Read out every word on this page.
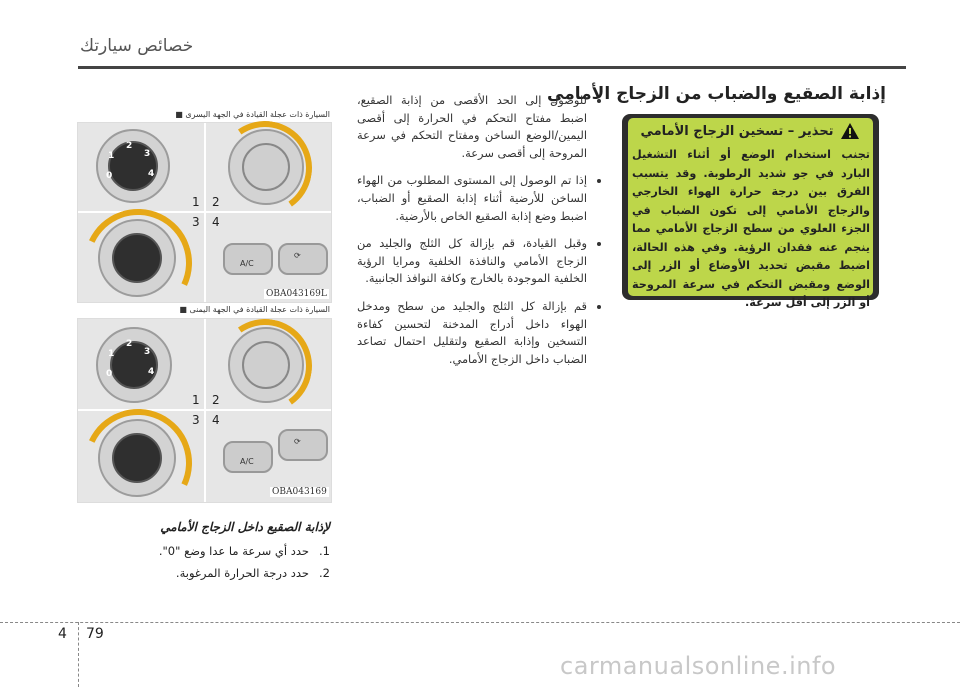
خصائص سيارتك
إذابة الصقيع والضباب من الزجاج الأمامي
تحذير – تسخين الزجاج الأمامي
تجنب استخدام الوضع أو أثناء التشغيل البارد في جو شديد الرطوبة. وقد يتسبب الفرق بين درجة حرارة الهواء الخارجي والزجاج الأمامي إلى تكون الضباب في الجزء العلوي من سطح الزجاج الأمامي مما ينجم عنه فقدان الرؤية. وفي هذه الحالة، اضبط مقبض تحديد الأوضاع أو الزر إلى الوضع ومقبض التحكم في سرعة المروحة أو الزر إلى أقل سرعة.
• للوصول إلى الحد الأقصى من إذابة الصقيع، اضبط مفتاح التحكم في الحرارة إلى أقصى اليمين/الوضع الساخن ومفتاح التحكم في سرعة المروحة إلى أقصى سرعة.
• إذا تم الوصول إلى المستوى المطلوب من الهواء الساخن للأرضية أثناء إذابة الصقيع أو الضباب، اضبط وضع إذابة الصقيع الخاص بالأرضية.
• وقبل القيادة، قم بإزالة كل الثلج والجليد من الزجاج الأمامي والنافذة الخلفية ومرايا الرؤية الخلفية الموجودة بالخارج وكافة النوافذ الجانبية.
• قم بإزالة كل الثلج والجليد من سطح ومدخل الهواء داخل أدراج المدخنة لتحسين كفاءة التسخين وإذابة الصقيع ولتقليل احتمال تصاعد الضباب داخل الزجاج الأمامي.
السيارة ذات عجلة القيادة في الجهة اليسرى ■
0
1
2
3
4
1 2
3 4
A/C
⟳
OBA043169L
السيارة ذات عجلة القيادة في الجهة اليمنى ■
0
1
2
3
4
1 2
3 4
A/C
⟳
OBA043169
لإذابة الصقيع داخل الزجاج الأمامي
1.
حدد أي سرعة ما عدا وضع "0".
2.
حدد درجة الحرارة المرغوبة.
4 79
carmanualsonline.info
